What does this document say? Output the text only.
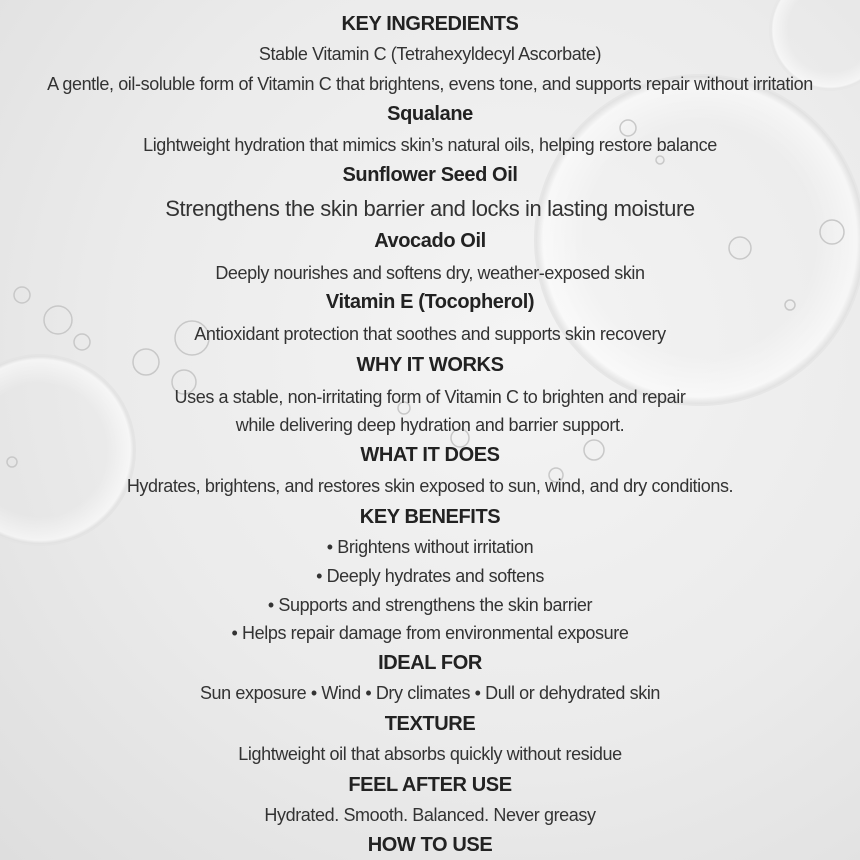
KEY INGREDIENTS
Stable Vitamin C (Tetrahexyldecyl Ascorbate)
A gentle, oil-soluble form of Vitamin C that brightens, evens tone, and supports repair without irritation
Squalane
Lightweight hydration that mimics skin’s natural oils, helping restore balance
Sunflower Seed Oil
Strengthens the skin barrier and locks in lasting moisture
Avocado Oil
Deeply nourishes and softens dry, weather-exposed skin
Vitamin E (Tocopherol)
Antioxidant protection that soothes and supports skin recovery
WHY IT WORKS
Uses a stable, non-irritating form of Vitamin C to brighten and repair
while delivering deep hydration and barrier support.
WHAT IT DOES
Hydrates, brightens, and restores skin exposed to sun, wind, and dry conditions.
KEY BENEFITS
• Brightens without irritation
• Deeply hydrates and softens
• Supports and strengthens the skin barrier
• Helps repair damage from environmental exposure
IDEAL FOR
Sun exposure • Wind • Dry climates • Dull or dehydrated skin
TEXTURE
Lightweight oil that absorbs quickly without residue
FEEL AFTER USE
Hydrated. Smooth. Balanced. Never greasy
HOW TO USE
